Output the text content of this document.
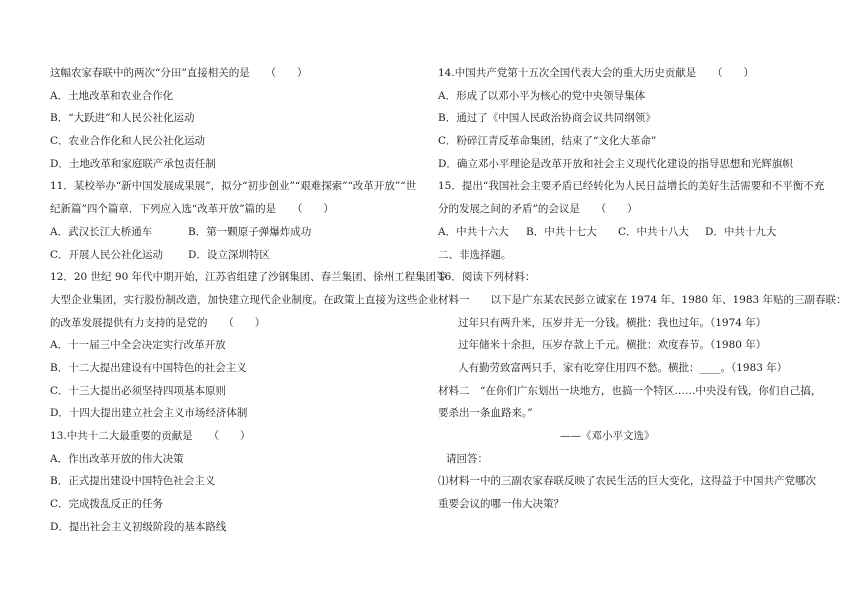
这幅农家春联中的两次“分田”直接相关的是　　（　　）
A．土地改革和农业合作化
B．“大跃进”和人民公社化运动
C．农业合作化和人民公社化运动
D．土地改革和家庭联产承包责任制
11．某校举办“新中国发展成果展”，拟分“初步创业”“艰难探索”“改革开放”“世
纪新篇”四个篇章．下列应入选“改革开放”篇的是　　（　　）
A．武汉长江大桥通车	B．第一颗原子弹爆炸成功
C．开展人民公社化运动	D．设立深圳特区
12．20 世纪 90 年代中期开始，江苏省组建了沙钢集团、春兰集团、徐州工程集团等
大型企业集团，实行股份制改造，加快建立现代企业制度。在政策上直接为这些企业
的改革发展提供有力支持的是党的　　（　　）
A．十一届三中全会决定实行改革开放
B．十二大提出建设有中国特色的社会主义
C．十三大提出必须坚持四项基本原则
D．十四大提出建立社会主义市场经济体制
13.中共十二大最重要的贡献是　　（　　）
A．作出改革开放的伟大决策
B．正式提出建设中国特色社会主义
C．完成拨乱反正的任务
D．提出社会主义初级阶段的基本路线
14.中国共产党第十五次全国代表大会的重大历史贡献是　　（　　）
A．形成了以邓小平为核心的党中央领导集体
B．通过了《中国人民政治协商会议共同纲领》
C．粉碎江青反革命集团，结束了“文化大革命”
D．确立邓小平理论是改革开放和社会主义现代化建设的指导思想和光辉旗帜
15．提出“我国社会主要矛盾已经转化为人民日益增长的美好生活需要和不平衡不充
分的发展之间的矛盾”的会议是　　（　　）
A．中共十六大	B．中共十七大	C．中共十八大	D．中共十九大
二、非选择题。
16．阅读下列材料：
材料一　　以下是广东某农民彭立诚家在 1974 年、1980 年、1983 年贴的三副春联：
过年只有两升米，压岁并无一分钱。横批：我也过年。（1974 年）
过年储米十余担，压岁存款上千元。横批：欢度春节。（1980 年）
人有勤劳致富两只手，家有吃穿住用四不愁。横批：____。（1983 年）
材料二　“在你们广东划出一块地方，也搞一个特区……中央没有钱，你们自己搞，
要杀出一条血路来。”
——《邓小平文选》
请回答：
⑴材料一中的三副农家春联反映了农民生活的巨大变化，这得益于中国共产党哪次
重要会议的哪一伟大决策？
